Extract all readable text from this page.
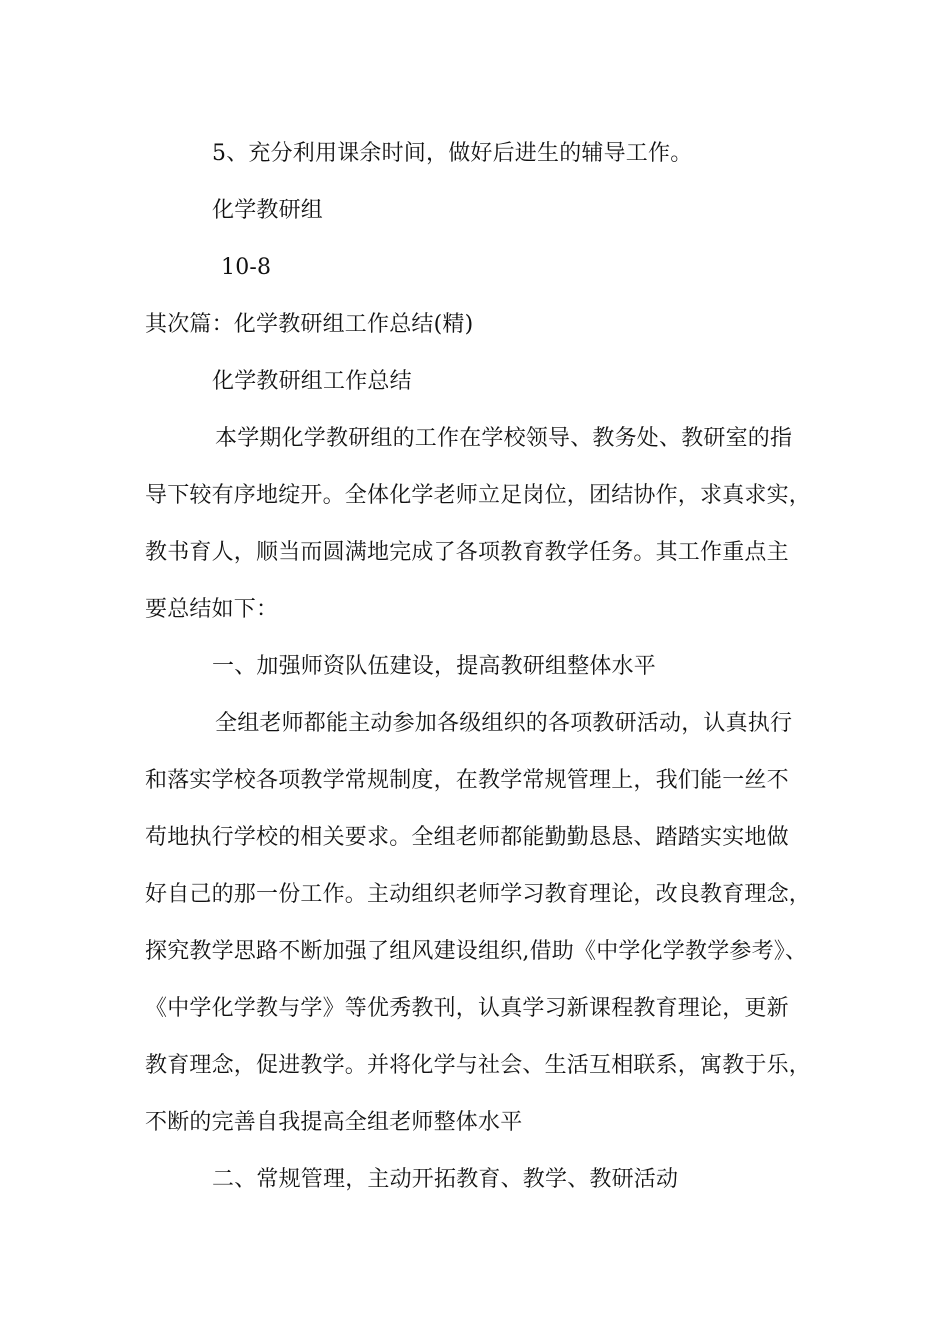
5、充分利用课余时间，做好后进生的辅导工作。
化学教研组
10-8
其次篇：化学教研组工作总结(精)
化学教研组工作总结
本学期化学教研组的工作在学校领导、教务处、教研室的指
导下较有序地绽开。全体化学老师立足岗位，团结协作，求真求实，
教书育人，顺当而圆满地完成了各项教育教学任务。其工作重点主
要总结如下：
一、加强师资队伍建设，提高教研组整体水平
全组老师都能主动参加各级组织的各项教研活动，认真执行
和落实学校各项教学常规制度，在教学常规管理上，我们能一丝不
苟地执行学校的相关要求。全组老师都能勤勤恳恳、踏踏实实地做
好自己的那一份工作。主动组织老师学习教育理论，改良教育理念，
探究教学思路不断加强了组风建设组织,借助《中学化学教学参考》、
《中学化学教与学》等优秀教刊，认真学习新课程教育理论，更新
教育理念，促进教学。并将化学与社会、生活互相联系，寓教于乐，
不断的完善自我提高全组老师整体水平
二、常规管理，主动开拓教育、教学、教研活动
